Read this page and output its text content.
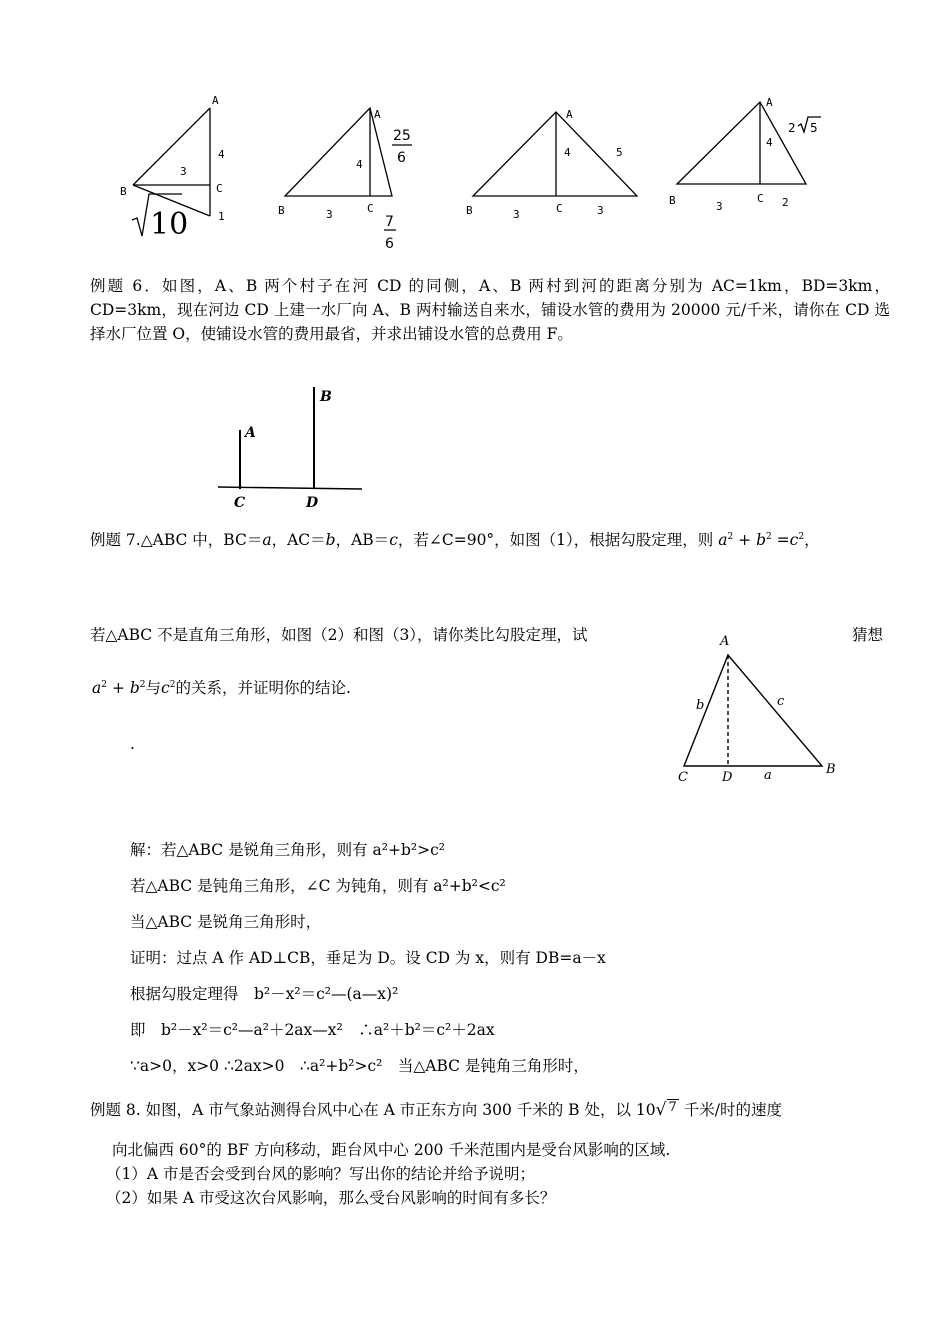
A
4
3
B	C
1
10
A
4
3
B	C
25
6
7
6
A
4	5
B	3	C	3
A
4
2 5
B	3
C 2
例题 6．如图，A、B 两个村子在河 CD 的同侧，A、B 两村到河的距离分别为 AC=1km，BD=3km，CD=3km，现在河边 CD 上建一水厂向 A、B 两村输送自来水，铺设水管的费用为 20000 元/千米，请你在 CD 选择水厂位置 O，使铺设水管的费用最省，并求出铺设水管的总费用 F。
A
B
C	D
例题 7.△ABC 中，BC＝a，AC＝b，AB＝c，若∠C=90°，如图（1），根据勾股定理，则 $a^2 + b^2 =c^2$，
若△ABC 不是直角三角形，如图（2）和图（3），请你类比勾股定理，试	猜想
$a^2 + b^2$与$c^2$的关系，并证明你的结论.
.
A
b	c
C	D a	B
解：若△ABC 是锐角三角形，则有 a²+b²>c²
若△ABC 是钝角三角形，∠C 为钝角，则有 a²+b²<c²
当△ABC 是锐角三角形时，
证明：过点 A 作 AD⊥CB，垂足为 D。设 CD 为 x，则有 DB=a－x
根据勾股定理得　b²－x²＝c²—(a—x)²
即　b²－x²＝c²—a²＋2ax—x²　∴a²＋b²＝c²＋2ax
∵a>0，x>0 ∴2ax>0　∴a²+b²>c²　当△ABC 是钝角三角形时，
例题 8. 如图，A 市气象站测得台风中心在 A 市正东方向 300 千米的 B 处，以 10√ 7 千米/时的速度
向北偏西 60°的 BF 方向移动，距台风中心 200 千米范围内是受台风影响的区域.
（1）A 市是否会受到台风的影响？写出你的结论并给予说明；
（2）如果 A 市受这次台风影响，那么受台风影响的时间有多长？
